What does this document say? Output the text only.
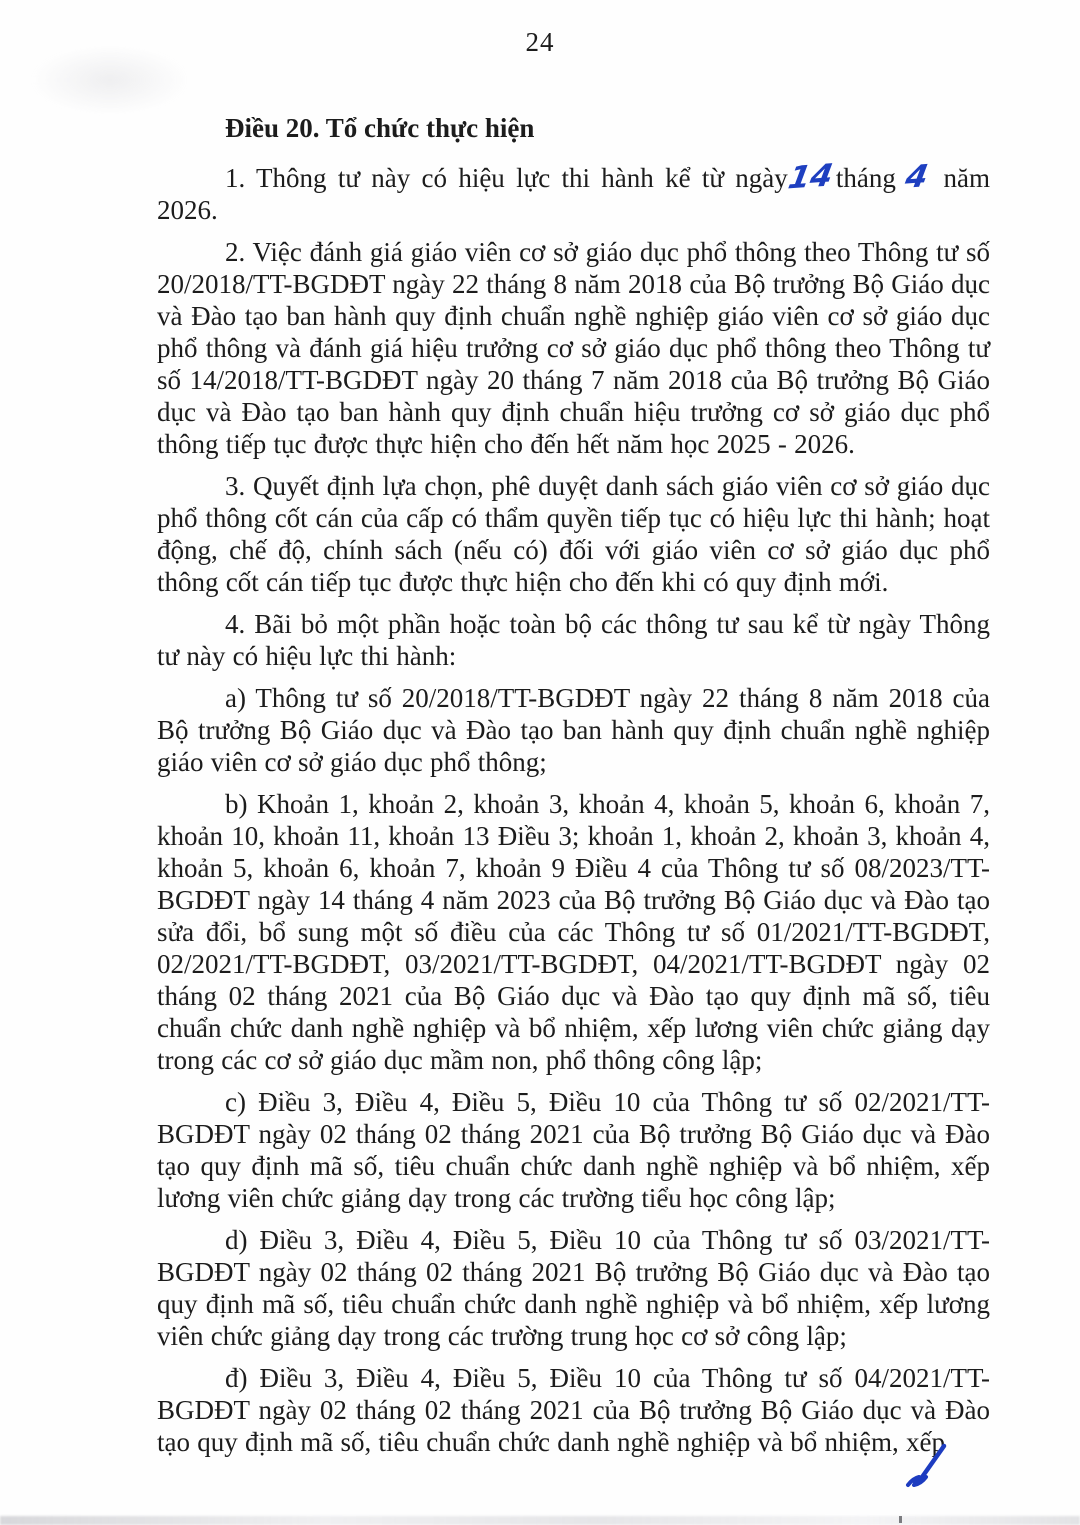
24
Điều 20. Tổ chức thực hiện

1. Thông tư này có hiệu lực thi hành kể từ ngày14tháng 4 năm 2026.

2. Việc đánh giá giáo viên cơ sở giáo dục phổ thông theo Thông tư số 20/2018/TT-BGDĐT ngày 22 tháng 8 năm 2018 của Bộ trưởng Bộ Giáo dục và Đào tạo ban hành quy định chuẩn nghề nghiệp giáo viên cơ sở giáo dục phổ thông và đánh giá hiệu trưởng cơ sở giáo dục phổ thông theo Thông tư số 14/2018/TT-BGDĐT ngày 20 tháng 7 năm 2018 của Bộ trưởng Bộ Giáo dục và Đào tạo ban hành quy định chuẩn hiệu trưởng cơ sở giáo dục phổ thông tiếp tục được thực hiện cho đến hết năm học 2025 - 2026.

3. Quyết định lựa chọn, phê duyệt danh sách giáo viên cơ sở giáo dục phổ thông cốt cán của cấp có thẩm quyền tiếp tục có hiệu lực thi hành; hoạt động, chế độ, chính sách (nếu có) đối với giáo viên cơ sở giáo dục phổ thông cốt cán tiếp tục được thực hiện cho đến khi có quy định mới.

4. Bãi bỏ một phần hoặc toàn bộ các thông tư sau kể từ ngày Thông tư này có hiệu lực thi hành:

a) Thông tư số 20/2018/TT-BGDĐT ngày 22 tháng 8 năm 2018 của Bộ trưởng Bộ Giáo dục và Đào tạo ban hành quy định chuẩn nghề nghiệp giáo viên cơ sở giáo dục phổ thông;

b) Khoản 1, khoản 2, khoản 3, khoản 4, khoản 5, khoản 6, khoản 7, khoản 10, khoản 11, khoản 13 Điều 3; khoản 1, khoản 2, khoản 3, khoản 4, khoản 5, khoản 6, khoản 7, khoản 9 Điều 4 của Thông tư số 08/2023/TT-BGDĐT ngày 14 tháng 4 năm 2023 của Bộ trưởng Bộ Giáo dục và Đào tạo sửa đổi, bổ sung một số điều của các Thông tư số 01/2021/TT-BGDĐT, 02/2021/TT-BGDĐT, 03/2021/TT-BGDĐT, 04/2021/TT-BGDĐT ngày 02 tháng 02 tháng 2021 của Bộ Giáo dục và Đào tạo quy định mã số, tiêu chuẩn chức danh nghề nghiệp và bổ nhiệm, xếp lương viên chức giảng dạy trong các cơ sở giáo dục mầm non, phổ thông công lập;

c) Điều 3, Điều 4, Điều 5, Điều 10 của Thông tư số 02/2021/TT-BGDĐT ngày 02 tháng 02 tháng 2021 của Bộ trưởng Bộ Giáo dục và Đào tạo quy định mã số, tiêu chuẩn chức danh nghề nghiệp và bổ nhiệm, xếp lương viên chức giảng dạy trong các trường tiểu học công lập;

d) Điều 3, Điều 4, Điều 5, Điều 10 của Thông tư số 03/2021/TT-BGDĐT ngày 02 tháng 02 tháng 2021 Bộ trưởng Bộ Giáo dục và Đào tạo quy định mã số, tiêu chuẩn chức danh nghề nghiệp và bổ nhiệm, xếp lương viên chức giảng dạy trong các trường trung học cơ sở công lập;

đ) Điều 3, Điều 4, Điều 5, Điều 10 của Thông tư số 04/2021/TT-BGDĐT ngày 02 tháng 02 tháng 2021 của Bộ trưởng Bộ Giáo dục và Đào tạo quy định mã số, tiêu chuẩn chức danh nghề nghiệp và bổ nhiệm, xếp
